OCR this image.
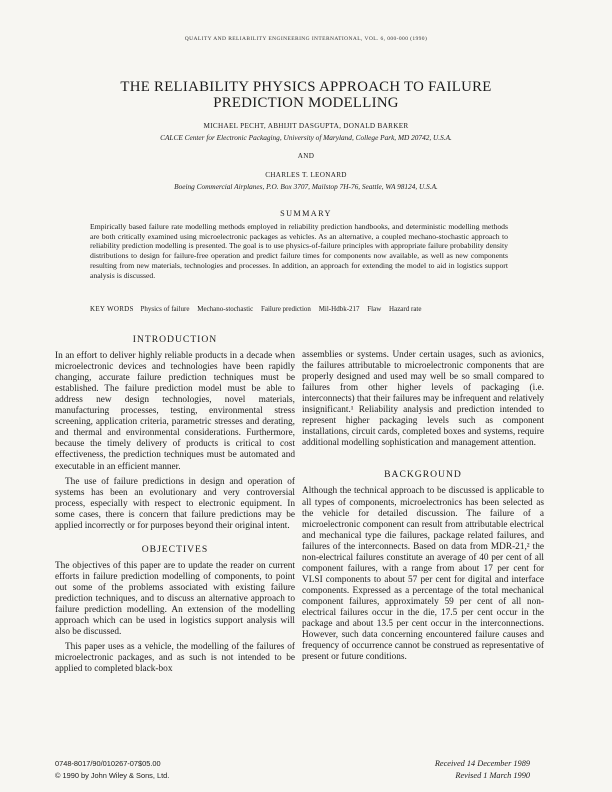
QUALITY AND RELIABILITY ENGINEERING INTERNATIONAL, VOL. 6, 000-000 (1990)
THE RELIABILITY PHYSICS APPROACH TO FAILURE
PREDICTION MODELLING
MICHAEL PECHT, ABHIJIT DASGUPTA, DONALD BARKER
CALCE Center for Electronic Packaging, University of Maryland, College Park, MD 20742, U.S.A.
AND
CHARLES T. LEONARD
Boeing Commercial Airplanes, P.O. Box 3707, Mailstop 7H-76, Seattle, WA 98124, U.S.A.
SUMMARY

Empirically based failure rate modelling methods employed in reliability prediction handbooks, and deterministic modelling methods are both critically examined using microelectronic packages as vehicles. As an alternative, a coupled mechano-stochastic approach to reliability prediction modelling is presented. The goal is to use physics-of-failure principles with appropriate failure probability density distributions to design for failure-free operation and predict failure times for components now available, as well as new components resulting from new materials, technologies and processes. In addition, an approach for extending the model to aid in logistics support analysis is discussed.

KEY WORDS Physics of failure Mechano-stochastic Failure prediction Mil-Hdbk-217 Flaw Hazard rate
INTRODUCTION

In an effort to deliver highly reliable products in a decade when microelectronic devices and technologies have been rapidly changing, accurate failure prediction techniques must be established. The failure prediction model must be able to address new design technologies, novel materials, manufacturing processes, testing, environmental stress screening, application criteria, parametric stresses and derating, and thermal and environmental considerations. Furthermore, because the timely delivery of products is critical to cost effectiveness, the prediction techniques must be automated and executable in an efficient manner.

The use of failure predictions in design and operation of systems has been an evolutionary and very controversial process, especially with respect to electronic equipment. In some cases, there is concern that failure predictions may be applied incorrectly or for purposes beyond their original intent.

OBJECTIVES

The objectives of this paper are to update the reader on current efforts in failure prediction modelling of components, to point out some of the problems associated with existing failure prediction techniques, and to discuss an alternative approach to failure prediction modelling. An extension of the modelling approach which can be used in logistics support analysis will also be discussed.

This paper uses as a vehicle, the modelling of the failures of microelectronic packages, and as such is not intended to be applied to completed black-box

assemblies or systems. Under certain usages, such as avionics, the failures attributable to microelectronic components that are properly designed and used may well be so small compared to failures from other higher levels of packaging (i.e. interconnects) that their failures may be infrequent and relatively insignificant.¹ Reliability analysis and prediction intended to represent higher packaging levels such as component installations, circuit cards, completed boxes and systems, require additional modelling sophistication and management attention.

BACKGROUND

Although the technical approach to be discussed is applicable to all types of components, microelectronics has been selected as the vehicle for detailed discussion. The failure of a microelectronic component can result from attributable electrical and mechanical type die failures, package related failures, and failures of the interconnects. Based on data from MDR-21,² the non-electrical failures constitute an average of 40 per cent of all component failures, with a range from about 17 per cent for VLSI components to about 57 per cent for digital and interface components. Expressed as a percentage of the total mechanical component failures, approximately 59 per cent of all non-electrical failures occur in the die, 17.5 per cent occur in the package and about 13.5 per cent occur in the interconnections. However, such data concerning encountered failure causes and frequency of occurrence cannot be construed as representative of present or future conditions.

0748-8017/90/010267-07$05.00
© 1990 by John Wiley & Sons, Ltd.
Received 14 December 1989
Revised 1 March 1990
